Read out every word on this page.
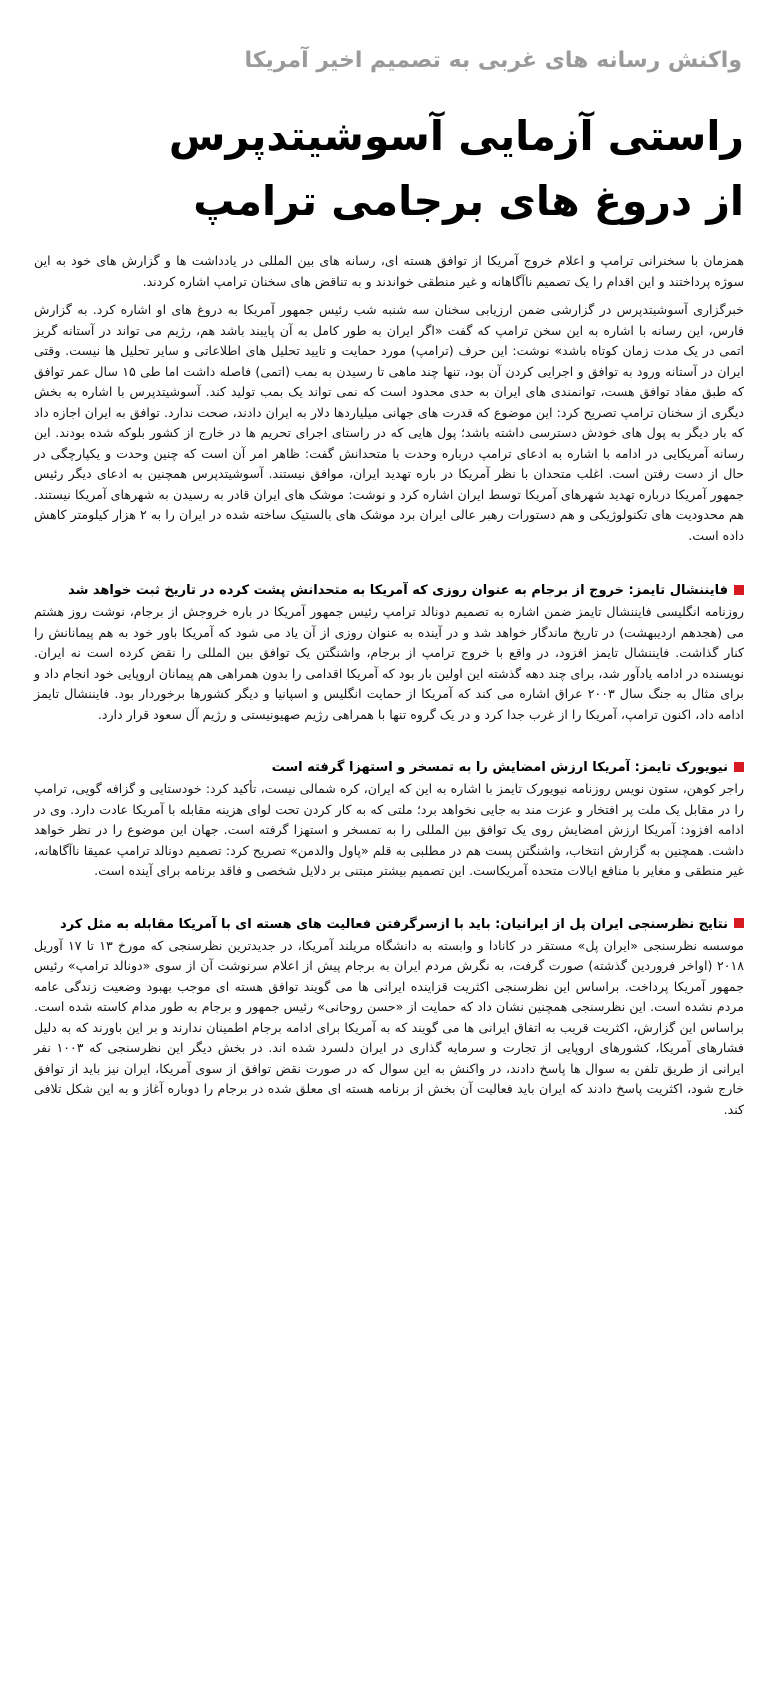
واکنش رسانه های غربی به تصمیم اخیر آمریکا
راستی آزمایی آسوشیتدپرس
از دروغ های برجامی ترامپ

همزمان با سخنرانی ترامپ و اعلام خروج آمریکا از توافق هسته ای، رسانه های بین المللی در یادداشت ها و گزارش های خود به این سوژه پرداختند و این اقدام را یک تصمیم ناآگاهانه و غیر منطقی خواندند و به تناقض های سخنان ترامپ اشاره کردند.

خبرگزاری آسوشیتدپرس در گزارشی ضمن ارزیابی سخنان سه شنبه شب رئیس جمهور آمریکا به دروغ های او اشاره کرد. به گزارش فارس، این رسانه با اشاره به این سخن ترامپ که گفت «اگر ایران به طور کامل به آن پایبند باشد هم، رژیم می تواند در آستانه گریز اتمی در یک مدت زمان کوتاه باشد» نوشت: این حرف (ترامپ) مورد حمایت و تایید تحلیل های اطلاعاتی و سایر تحلیل ها نیست. وقتی ایران در آستانه ورود به توافق و اجرایی کردن آن بود، تنها چند ماهی تا رسیدن به بمب (اتمی) فاصله داشت اما طی ۱۵ سال عمر توافق که طبق مفاد توافق هست، توانمندی های ایران به حدی محدود است که نمی تواند یک بمب تولید کند. آسوشیتدپرس با اشاره به بخش دیگری از سخنان ترامپ تصریح کرد: این موضوع که قدرت های جهانی میلیاردها دلار به ایران دادند، صحت ندارد. توافق به ایران اجازه داد که بار دیگر به پول های خودش دسترسی داشته باشد؛ پول هایی که در راستای اجرای تحریم ها در خارج از کشور بلوکه شده بودند. این رسانه آمریکایی در ادامه با اشاره به ادعای ترامپ درباره وحدت با متحدانش گفت: ظاهر امر آن است که چنین وحدت و یکپارچگی در حال از دست رفتن است. اغلب متحدان با نظر آمریکا در باره تهدید ایران، موافق نیستند. آسوشیتدپرس همچنین به ادعای دیگر رئیس جمهور آمریکا درباره تهدید شهرهای آمریکا توسط ایران اشاره کرد و نوشت: موشک های ایران قادر به رسیدن به شهرهای آمریکا نیستند. هم محدودیت های تکنولوژیکی و هم دستورات رهبر عالی ایران برد موشک های بالستیک ساخته شده در ایران را به ۲ هزار کیلومتر کاهش داده است.

فایننشال تایمز: خروج از برجام به عنوان روزی که آمریکا به متحدانش پشت کرده در تاریخ ثبت خواهد شد

روزنامه انگلیسی فایننشال تایمز ضمن اشاره به تصمیم دونالد ترامپ رئیس جمهور آمریکا در باره خروجش از برجام، نوشت روز هشتم می (هجدهم اردیبهشت) در تاریخ ماندگار خواهد شد و در آینده به عنوان روزی از آن یاد می شود که آمریکا باور خود به هم پیمانانش را کنار گذاشت. فایننشال تایمز افزود، در واقع با خروج ترامپ از برجام، واشنگتن یک توافق بین المللی را نقض کرده است نه ایران. نویسنده در ادامه یادآور شد، برای چند دهه گذشته این اولین بار بود که آمریکا اقدامی را بدون همراهی هم پیمانان اروپایی خود انجام داد و برای مثال به جنگ سال ۲۰۰۳ عراق اشاره می کند که آمریکا از حمایت انگلیس و اسپانیا و دیگر کشورها برخوردار بود. فایننشال تایمز ادامه داد، اکنون ترامپ، آمریکا را از غرب جدا کرد و در یک گروه تنها با همراهی رژیم صهیونیستی و رژیم آل سعود قرار دارد.

نیویورک تایمز: آمریکا ارزش امضایش را به تمسخر و استهزا گرفته است

راجر کوهن، ستون نویس روزنامه نیویورک تایمز با اشاره به این که ایران، کره شمالی نیست، تأکید کرد: خودستایی و گزافه گویی، ترامپ را در مقابل یک ملت پر افتخار و عزت مند به جایی نخواهد برد؛ ملتی که به کار کردن تحت لوای هزینه مقابله با آمریکا عادت دارد. وی در ادامه افزود: آمریکا ارزش امضایش روی یک توافق بین المللی را به تمسخر و استهزا گرفته است. جهان این موضوع را در نظر خواهد داشت. همچنین به گزارش انتخاب، واشنگتن پست هم در مطلبی به قلم «پاول والدمن» تصریح کرد: تصمیم دونالد ترامپ عمیقا ناآگاهانه، غیر منطقی و مغایر با منافع ایالات متحده آمریکاست. این تصمیم بیشتر مبتنی بر دلایل شخصی و فاقد برنامه برای آینده است.

نتایج نظرسنجی ایران پل از ایرانیان: باید با ازسرگرفتن فعالیت های هسته ای با آمریکا مقابله به مثل کرد

موسسه نظرسنجی «ایران پل» مستقر در کانادا و وابسته به دانشگاه مریلند آمریکا، در جدیدترین نظرسنجی که مورخ ۱۳ تا ۱۷ آوریل ۲۰۱۸ (اواخر فروردین گذشته) صورت گرفت، به نگرش مردم ایران به برجام پیش از اعلام سرنوشت آن از سوی «دونالد ترامپ» رئیس جمهور آمریکا پرداخت. براساس این نظرسنجی اکثریت قزاینده ایرانی ها می گویند توافق هسته ای موجب بهبود وضعیت زندگی عامه مردم نشده است. این نظرسنجی همچنین نشان داد که حمایت از «حسن روحانی» رئیس جمهور و برجام به طور مدام کاسته شده است. براساس این گزارش، اکثریت قریب به اتفاق ایرانی ها می گویند که به آمریکا برای ادامه برجام اطمینان ندارند و بر این باورند که به دلیل فشارهای آمریکا، کشورهای اروپایی از تجارت و سرمایه گذاری در ایران دلسرد شده اند. در بخش دیگر این نظرسنجی که ۱۰۰۳ نفر ایرانی از طریق تلفن به سوال ها پاسخ دادند، در واکنش به این سوال که در صورت نقض توافق از سوی آمریکا، ایران نیز باید از توافق خارج شود، اکثریت پاسخ دادند که ایران باید فعالیت آن بخش از برنامه هسته ای معلق شده در برجام را دوباره آغاز و به این شکل تلافی کند.
